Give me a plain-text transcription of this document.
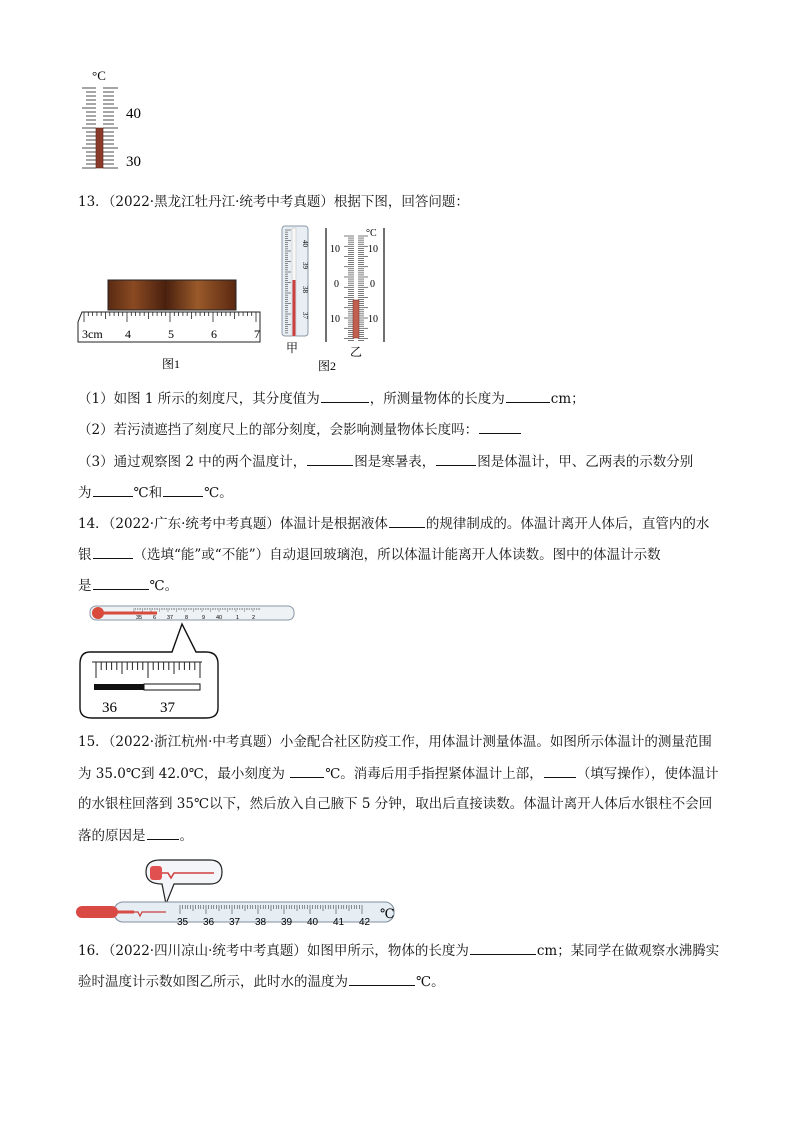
°C
40
30
13．（2022·黑龙江牡丹江·统考中考真题）根据下图，回答问题：
3cm 4	5	6	7
图1
40
39
38
37
甲
°C
10
0
10
10
0
10
乙
图2
（1）如图 1 所示的刻度尺，其分度值为	，所测量物体的长度为	cm；
（2）若污渍遮挡了刻度尺上的部分刻度，会影响测量物体长度吗：
（3）通过观察图 2 中的两个温度计，	图是寒暑表，	图是体温计，甲、乙两表的示数分别
为	℃和	℃。
14．（2022·广东·统考中考真题）体温计是根据液体	的规律制成的。体温计离开人体后，直管内的水
银	（选填“能”或“不能”）自动退回玻璃泡，所以体温计能离开人体读数。图中的体温计示数
是	℃。
35 6 37 8	9 40	1 2
36	37
15．（2022·浙江杭州·中考真题）小金配合社区防疫工作，用体温计测量体温。如图所示体温计的测量范围
为 35.0℃到 42.0℃，最小刻度为	℃。消毒后用手指捏紧体温计上部，	（填写操作），使体温计
的水银柱回落到 35℃以下，然后放入自己腋下 5 分钟，取出后直接读数。体温计离开人体后水银柱不会回
落的原因是	。
35 36 37 38 39 40 41 42
℃
16．（2022·四川凉山·统考中考真题）如图甲所示，物体的长度为	cm；某同学在做观察水沸腾实
验时温度计示数如图乙所示，此时水的温度为	℃。
